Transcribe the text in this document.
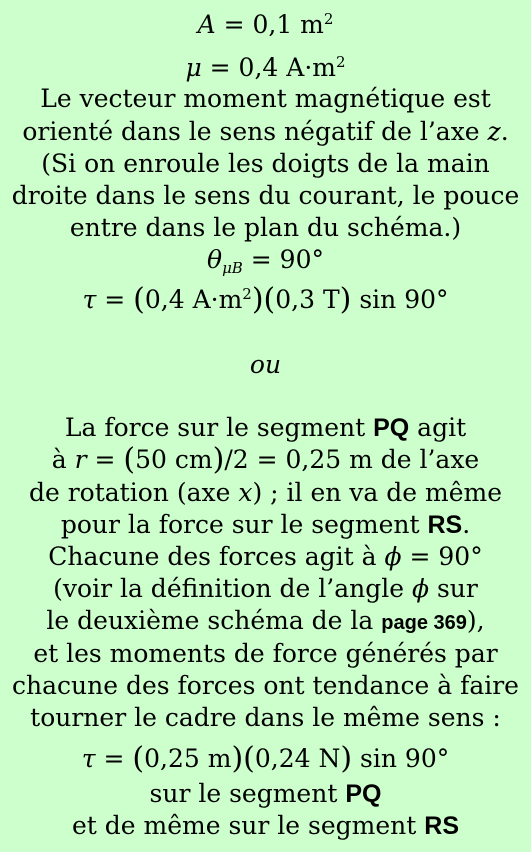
A = 0,1 $m^2$
μ = 0,4 $A\cdot m^2$
Le vecteur moment magnétique est
orienté dans le sens négatif de l’axe z.
(Si on enroule les doigts de la main
droite dans le sens du courant, le pouce
entre dans le plan du schéma.)
$\theta_{\mu B} = 90^\circ$
τ = (0,4 $A\cdot m^2)(0,3$ T) sin 90°
ou
La force sur le segment PQ agit
à r = (50 cm)/2 = 0,25 m de l’axe
de rotation (axe x) ; il en va de même
pour la force sur le segment RS.
Chacune des forces agit à ϕ = 90°
(voir la définition de l’angle ϕ sur
le deuxième schéma de la page 369),
et les moments de force générés par
chacune des forces ont tendance à faire
tourner le cadre dans le même sens :
τ = (0,25 m)(0,24 N) sin 90°
sur le segment PQ
et de même sur le segment RS
